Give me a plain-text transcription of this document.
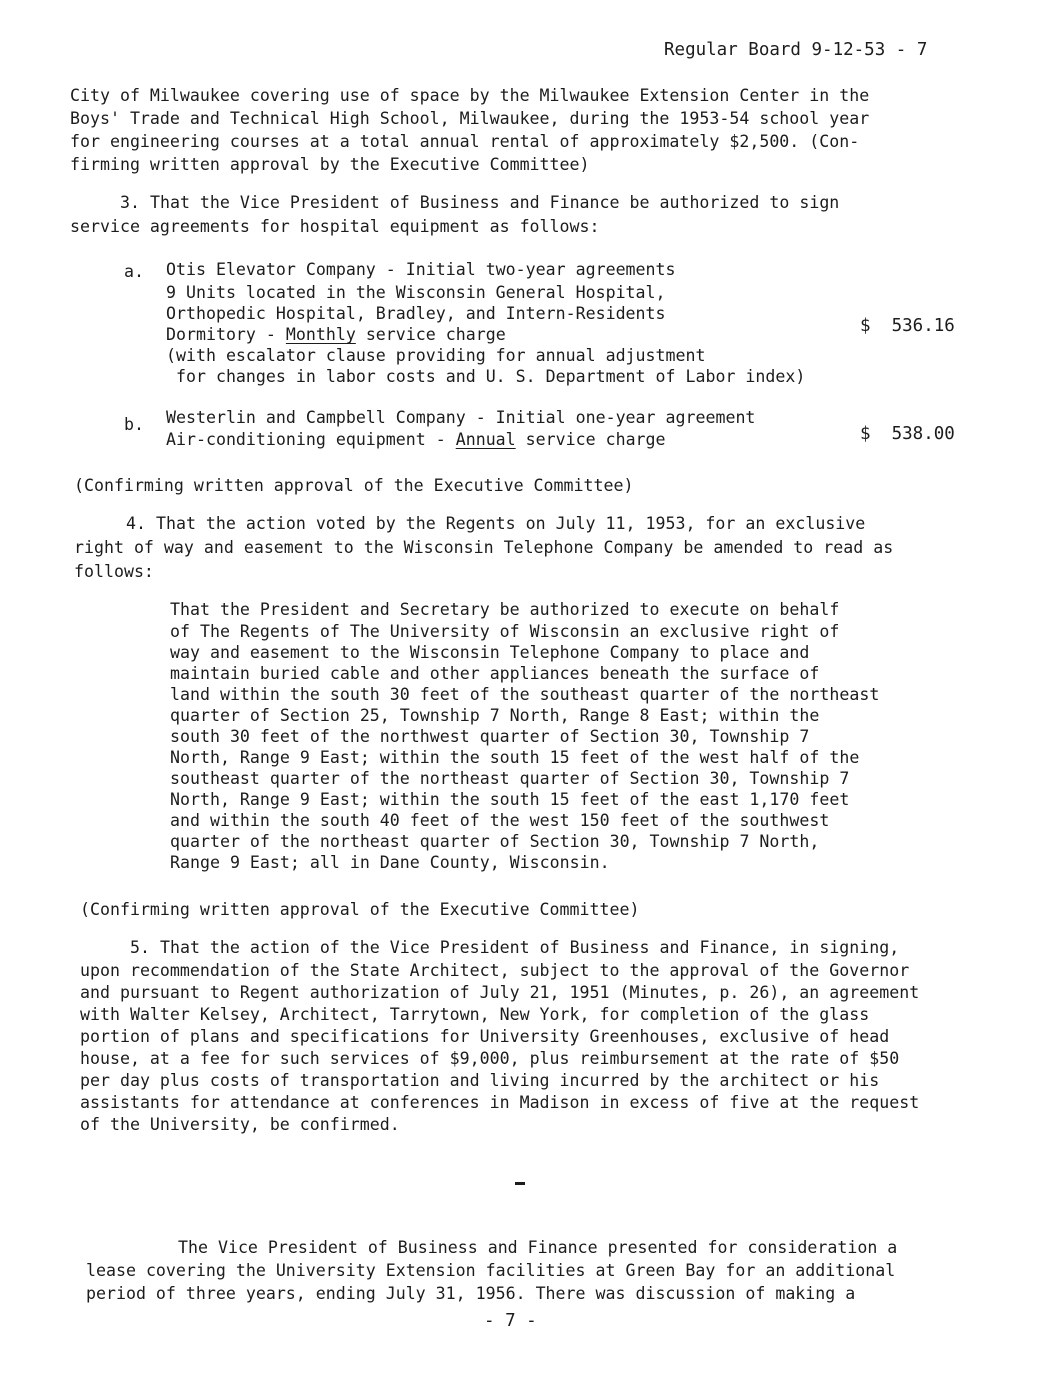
Regular Board 9-12-53 - 7
City of Milwaukee covering use of space by the Milwaukee Extension Center in the
Boys' Trade and Technical High School, Milwaukee, during the 1953-54 school year
for engineering courses at a total annual rental of approximately $2,500. (Con-
firming written approval by the Executive Committee)
3. That the Vice President of Business and Finance be authorized to sign
service agreements for hospital equipment as follows:
a. Otis Elevator Company - Initial two-year agreements
9 Units located in the Wisconsin General Hospital,
Orthopedic Hospital, Bradley, and Intern-Residents
Dormitory - Monthly service charge
(with escalator clause providing for annual adjustment
for changes in labor costs and U. S. Department of Labor index)
$  536.16
b. Westerlin and Campbell Company - Initial one-year agreement
Air-conditioning equipment - Annual service charge	$  538.00
(Confirming written approval of the Executive Committee)
4. That the action voted by the Regents on July 11, 1953, for an exclusive
right of way and easement to the Wisconsin Telephone Company be amended to read as
follows:
That the President and Secretary be authorized to execute on behalf
of The Regents of The University of Wisconsin an exclusive right of
way and easement to the Wisconsin Telephone Company to place and
maintain buried cable and other appliances beneath the surface of
land within the south 30 feet of the southeast quarter of the northeast
quarter of Section 25, Township 7 North, Range 8 East; within the
south 30 feet of the northwest quarter of Section 30, Township 7
North, Range 9 East; within the south 15 feet of the west half of the
southeast quarter of the northeast quarter of Section 30, Township 7
North, Range 9 East; within the south 15 feet of the east 1,170 feet
and within the south 40 feet of the west 150 feet of the southwest
quarter of the northeast quarter of Section 30, Township 7 North,
Range 9 East; all in Dane County, Wisconsin.
(Confirming written approval of the Executive Committee)
5. That the action of the Vice President of Business and Finance, in signing,
upon recommendation of the State Architect, subject to the approval of the Governor
and pursuant to Regent authorization of July 21, 1951 (Minutes, p. 26), an agreement
with Walter Kelsey, Architect, Tarrytown, New York, for completion of the glass
portion of plans and specifications for University Greenhouses, exclusive of head
house, at a fee for such services of $9,000, plus reimbursement at the rate of $50
per day plus costs of transportation and living incurred by the architect or his
assistants for attendance at conferences in Madison in excess of five at the request
of the University, be confirmed.
The Vice President of Business and Finance presented for consideration a
lease covering the University Extension facilities at Green Bay for an additional
period of three years, ending July 31, 1956. There was discussion of making a
- 7 -
